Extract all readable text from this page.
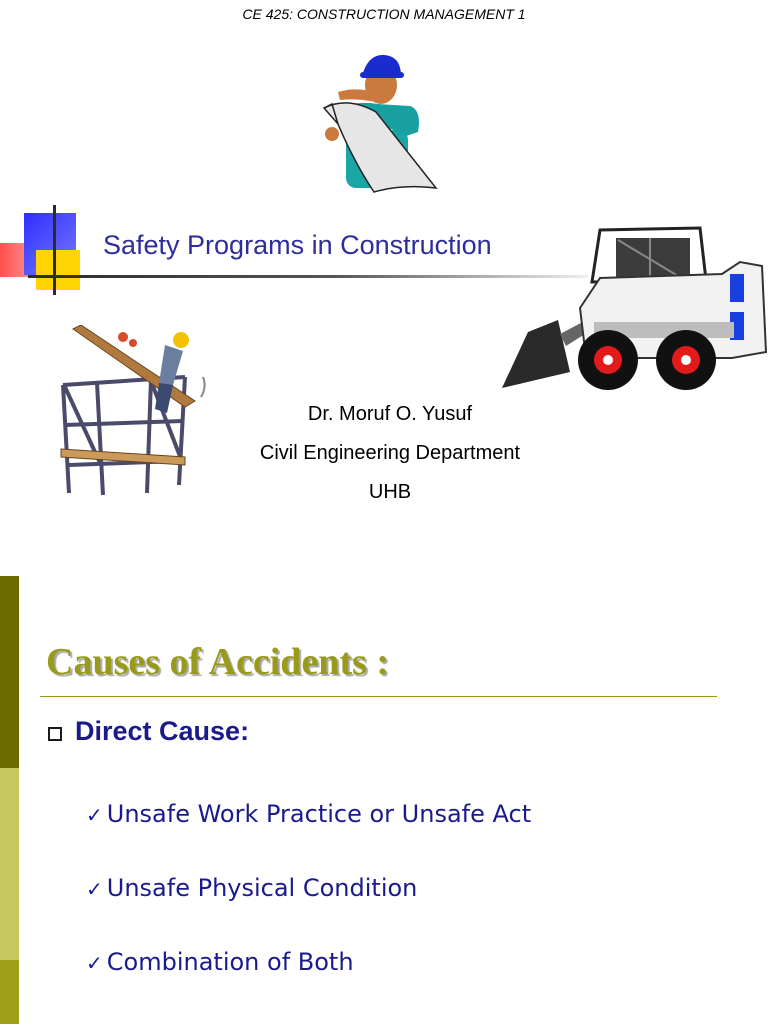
CE 425: CONSTRUCTION MANAGEMENT 1
Safety Programs in Construction
Dr. Moruf O. Yusuf
Civil Engineering Department
UHB
Causes of Accidents :
Direct Cause:
✓ Unsafe Work Practice or Unsafe Act
✓ Unsafe Physical Condition
✓ Combination of Both
